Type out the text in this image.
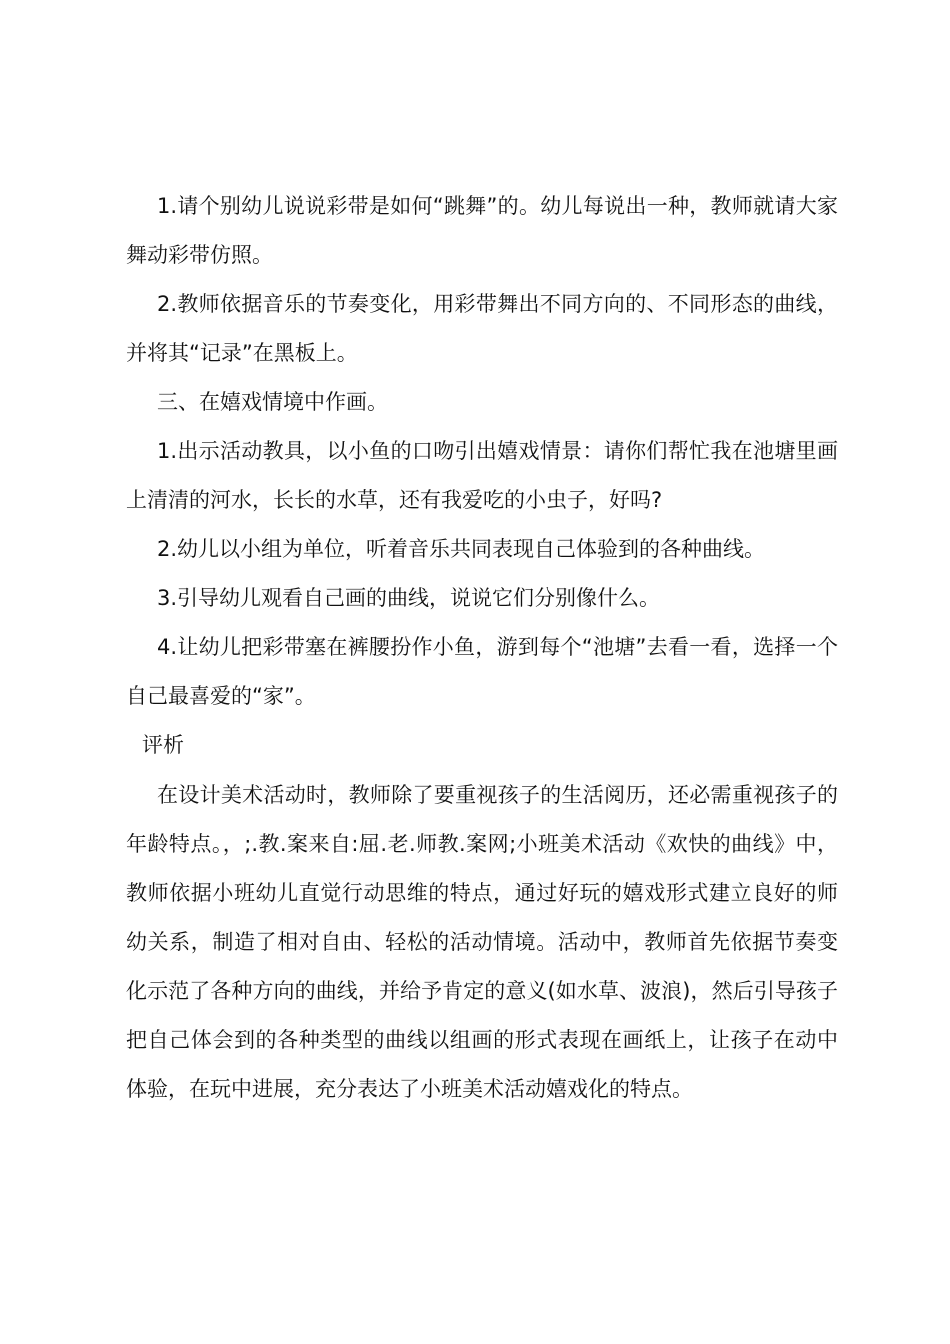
1.请个别幼儿说说彩带是如何“跳舞”的。幼儿每说出一种，教师就请大家舞动彩带仿照。

2.教师依据音乐的节奏变化，用彩带舞出不同方向的、不同形态的曲线，并将其“记录”在黑板上。

三、在嬉戏情境中作画。

1.出示活动教具，以小鱼的口吻引出嬉戏情景：请你们帮忙我在池塘里画上清清的河水，长长的水草，还有我爱吃的小虫子，好吗?

2.幼儿以小组为单位，听着音乐共同表现自己体验到的各种曲线。

3.引导幼儿观看自己画的曲线，说说它们分别像什么。

4.让幼儿把彩带塞在裤腰扮作小鱼，游到每个“池塘”去看一看，选择一个自己最喜爱的“家”。

评析

在设计美术活动时，教师除了要重视孩子的生活阅历，还必需重视孩子的年龄特点。，;.教.案来自:屈.老.师教.案网;小班美术活动《欢快的曲线》中，教师依据小班幼儿直觉行动思维的特点，通过好玩的嬉戏形式建立良好的师幼关系，制造了相对自由、轻松的活动情境。活动中，教师首先依据节奏变化示范了各种方向的曲线，并给予肯定的意义(如水草、波浪)，然后引导孩子把自己体会到的各种类型的曲线以组画的形式表现在画纸上，让孩子在动中体验，在玩中进展，充分表达了小班美术活动嬉戏化的特点。
